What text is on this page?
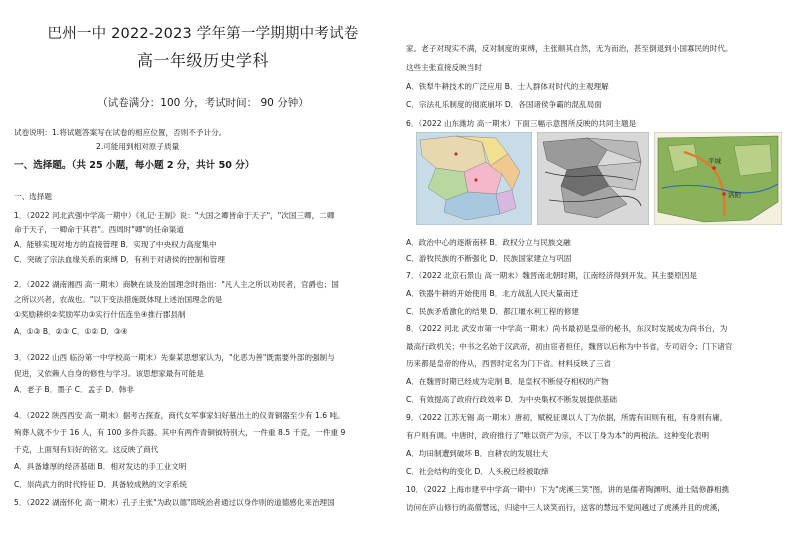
巴州一中 2022-2023 学年第一学期期中考试卷
高一年级历史学科
（试卷满分：100 分，考试时间： 90 分钟）
试卷说明：1.将试题答案写在试卷的相应位置，否则不予计分。
2.可能用到相对原子质量
一、选择题。（共 25 小题，每小题 2 分，共计 50 分）
一、选择题
1．（2022 河北武强中学高一期中）《礼记·王制》说："大国之卿皆命于天子"，"次国三卿，二卿
命于天子，一卿命于其君"。西周时"卿"的任命渠道
A．能够实现对地方的直接管理 B．实现了中央权力高度集中
C．突破了宗法血缘关系的束缚 D．有利于对诸侯的控制和管理
2．（2022 湖南湘西 高一期末）商鞅在谈及治国理念时指出："凡人主之所以劝民者，官爵也；国
之所以兴者，农战也。"以下变法措施既体现上述治国理念的是
①奖励耕织②奖励军功③实行什伍连坐④推行郡县制
A．①③ B．②③ C．①② D．③④
3．（2022 山西 临汾第一中学校高一期末）先秦某思想家认为，"化恶为善"既需要外部的强制与
促进，又依赖人自身的修性与学习。该思想家最有可能是
A．老子 B．墨子 C．孟子 D．韩非
4．（2022 陕西西安 高一期末）据考古探查，商代女军事家妇好墓出土的仪青铜器至少有 1.6 吨。
殉葬人就不少于 16 人，有 100 多件兵器。其中有两件青铜钺特别大，一件重 8.5 千克，一件重 9
千克，上面刻有妇好的铭文。这反映了商代
A．具备雄厚的经济基础 B．相对发达的手工业文明
C．崇尚武力的时代特征 D．具备较成熟的文字系统
5．（2022 湖南怀化 高一期末）孔子主张"为政以德"即统治者通过以身作则的道德感化来治理国
家。老子对现实不满，反对制度的束缚，主张顺其自然，无为而治，甚至倒退到小国寡民的时代。
这些主张直接反映当时
A．铁犁牛耕技术的广泛应用 B．士人群体对时代的主观理解
C．宗法礼乐制度的彻底崩坏 D．各国诸侯争霸的混乱局面
6．（2022 山东潍坊 高一期末）下面三幅示意图所反映的共同主题是
平城
洛阳
A．政治中心的逐渐南移 B．政权分立与民族交融
C．游牧民族的不断强化 D．民族国家建立与巩固
7．（2022 北京石景山 高一期末）魏晋南北朝时期，江南经济得到开发。其主要原因是
A．铁器牛耕的开始使用 B．北方战乱人民大量南迁
C．民族矛盾激化的结果 D．都江堰水利工程的修建
8．（2022 河北 武安市第一中学高一期末）尚书最初是皇帝的秘书，东汉时发展成为尚书台，为
最高行政机关；中书之名始于汉武帝，初由宦者担任，魏晋以后称为中书省，专司诏令；门下诸官
历来都是皇帝的侍从，西晋时定名为门下省。材料反映了三省
A．在魏晋时期已经成为定制 B．是皇权不断侵夺相权的产物
C．有效提高了政府行政效率 D．为中央集权不断发展提供基础
9．（2022 江苏无锡 高一期末）唐初，赋税征课以人丁为依据，所需有田则有租，有身则有庸，
有户则有调。中唐时，政府推行了"唯以资产为宗，不以丁身为本"的两税法。这种变化表明
A．均田制遭到破坏 B．自耕农的发展壮大
C．社会结构的变化 D．人头税已经被取缔
10．（2022 上海市建平中学高一期中）下为"虎溪三笑"图，讲的是儒者陶渊明、道士陆修静相携
访问在庐山修行的高僧慧远，归途中三人谈笑而行，送客的慧远不觉间越过了虎溪并且的虎溪，
